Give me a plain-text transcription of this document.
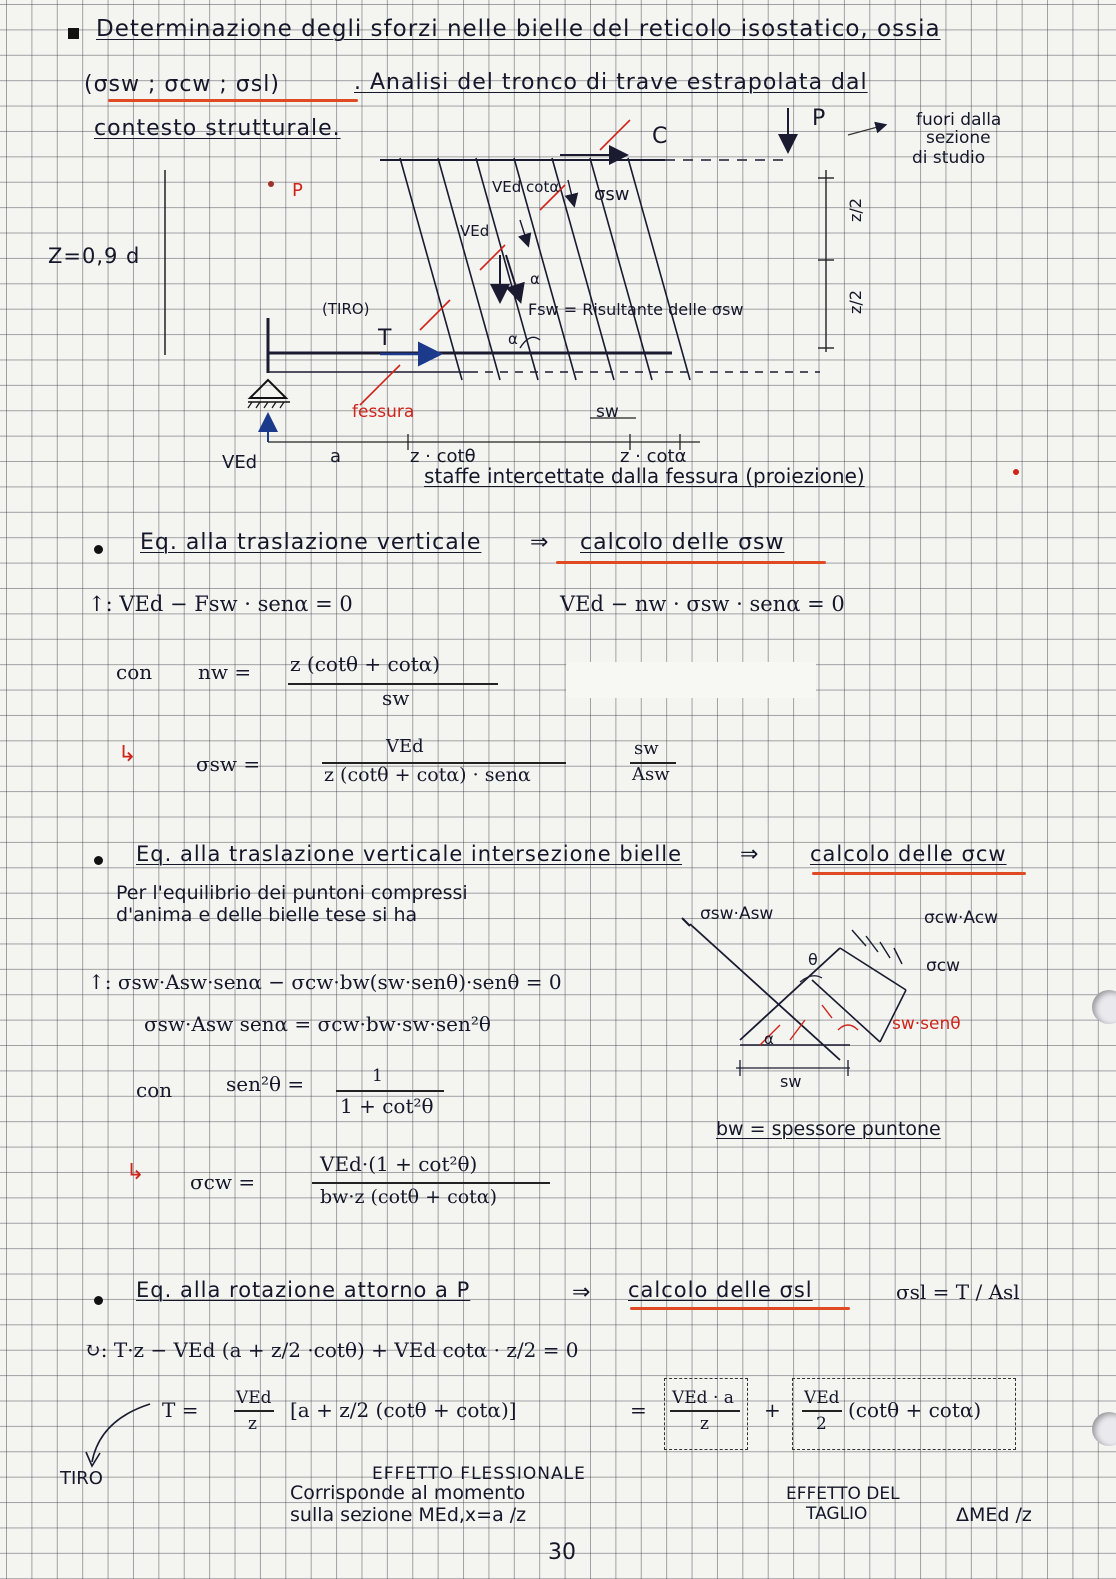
Determinazione degli sforzi nelle bielle del reticolo isostatico, ossia
(σsw ; σcw ; σsl)	. Analisi del tronco di trave estrapolata dal
contesto strutturale.	C
P	fuori dalla
sezione
di studio
P
Z=0,9 d
VEd cotα σsw
VEd
α
Fsw = Risultante delle σsw
(TIRO)
T	α
z/2
z/2
fessura	sw
VEd	a	z · cotθ	z · cotα
staffe intercettate dalla fessura (proiezione)
Eq. alla traslazione verticale ⇒ calcolo delle σsw
↑: VEd − Fsw · senα = 0	VEd − nw · σsw · senα = 0
con nw = z (cotθ + cotα)
sw
↳	σsw =
VEd
z (cotθ + cotα) · senα
sw
Asw
Eq. alla traslazione verticale intersezione bielle	⇒ calcolo delle σcw
Per l'equilibrio dei puntoni compressi
d'anima e delle bielle tese si ha
↑: σsw·Asw·senα − σcw·bw(sw·senθ)·senθ = 0
σsw·Asw senα = σcw·bw·sw·sen²θ
con	sen²θ =	1
1 + cot²θ
↳ σcw =
VEd·(1 + cot²θ)
bw·z (cotθ + cotα)
σsw·Asw	σcw·Acw
θ	σcw
sw·senθ
α
sw
bw = spessore puntone
Eq. alla rotazione attorno a P	⇒ calcolo delle σsl	σsl = T / Asl
↻: T·z − VEd (a + z/2 ·cotθ) + VEd cotα · z/2 = 0
T = VEd
z
[a + z/2 (cotθ + cotα)]	= VEd · a
z
+ VEd
2
(cotθ + cotα)
TIRO	EFFETTO FLESSIONALE
Corrisponde al momento
sulla sezione MEd,x=a /z
EFFETTO DEL
TAGLIO	ΔMEd /z
30
